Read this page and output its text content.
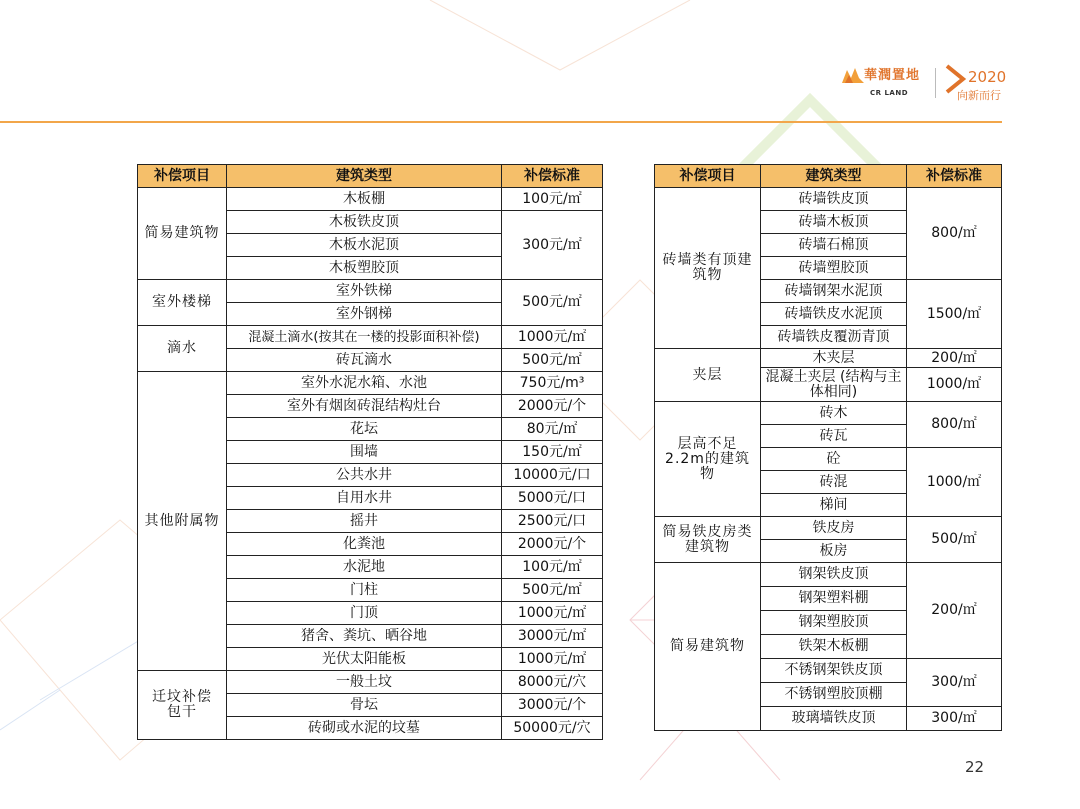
華潤置地
CR LAND
2020
向新而行
补偿项目	建筑类型	补偿标准
简易建筑物	木板棚	100元/㎡
	木板铁皮顶	300元/㎡
	木板水泥顶	
	木板塑胶顶	
室外楼梯	室外铁梯	500元/㎡
	室外钢梯	
滴水	混凝土滴水(按其在一楼的投影面积补偿)	1000元/㎡
	砖瓦滴水	500元/㎡
其他附属物	室外水泥水箱、水池	750元/m³
	室外有烟囱砖混结构灶台	2000元/个
	花坛	80元/㎡
	围墙	150元/㎡
	公共水井	10000元/口
	自用水井	5000元/口
	摇井	2500元/口
	化粪池	2000元/个
	水泥地	100元/㎡
	门柱	500元/㎡
	门顶	1000元/㎡
	猪舍、粪坑、晒谷地	3000元/㎡
	光伏太阳能板	1000元/㎡
迁坟补偿包干	一般土坟	8000元/穴
	骨坛	3000元/个
	砖砌或水泥的坟墓	50000元/穴
补偿项目	建筑类型	补偿标准
砖墙类有顶建筑物	砖墙铁皮顶	800/㎡
	砖墙木板顶	
	砖墙石棉顶	
	砖墙塑胶顶	
	砖墙钢架水泥顶	1500/㎡
	砖墙铁皮水泥顶	
	砖墙铁皮覆沥青顶	
夹层	木夹层	200/㎡
	混凝土夹层 (结构与主体相同)	1000/㎡
层高不足2.2m的建筑物	砖木	800/㎡
	砖瓦	
	砼	1000/㎡
	砖混	
	梯间	
简易铁皮房类建筑物	铁皮房	500/㎡
	板房	
简易建筑物	钢架铁皮顶	200/㎡
	钢架塑料棚	
	钢架塑胶顶	
	铁架木板棚	
	不锈钢架铁皮顶	300/㎡
	不锈钢塑胶顶棚	
	玻璃墙铁皮顶	300/㎡
22
